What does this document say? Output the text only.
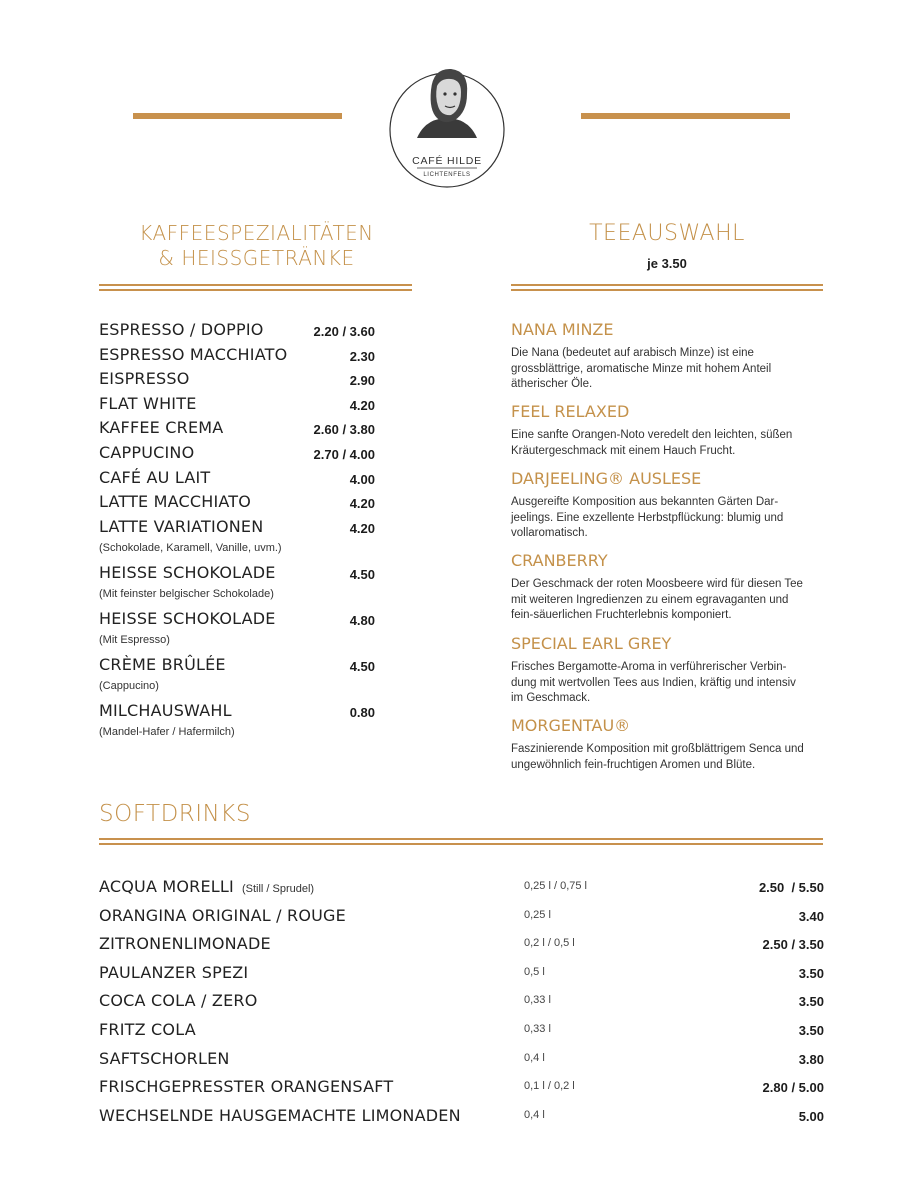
CAFÉ HILDE
LICHTENFELS
KAFFEESPEZIALITÄTEN
& HEISSGETRÄNKE
TEEAUSWAHL
je 3.50
ESPRESSO / DOPPIO	2.20 / 3.60
ESPRESSO MACCHIATO	2.30
EISPRESSO	2.90
FLAT WHITE	4.20
KAFFEE CREMA	2.60 / 3.80
CAPPUCINO	2.70 / 4.00
CAFÉ AU LAIT	4.00
LATTE MACCHIATO	4.20
LATTE VARIATIONEN	4.20
(Schokolade, Karamell, Vanille, uvm.)
HEISSE SCHOKOLADE	4.50
(Mit feinster belgischer Schokolade)
HEISSE SCHOKOLADE	4.80
(Mit Espresso)
CRÈME BRÛLÉE	4.50
(Cappucino)
MILCHAUSWAHL	0.80
(Mandel-Hafer / Hafermilch)
NANA MINZE
Die Nana (bedeutet auf arabisch Minze) ist eine grossblättrige, aromatische Minze mit hohem Anteil ätherischer Öle.
FEEL RELAXED
Eine sanfte Orangen-Noto veredelt den leichten, süßen Kräutergeschmack mit einem Hauch Frucht.
DARJEELING® AUSLESE
Ausgereifte Komposition aus bekannten Gärten Dar-jeelings. Eine exzellente Herbstpflückung: blumig und vollaromatisch.
CRANBERRY
Der Geschmack der roten Moosbeere wird für diesen Tee mit weiteren Ingredienzen zu einem egravaganten und fein-säuerlichen Fruchterlebnis komponiert.
SPECIAL EARL GREY
Frisches Bergamotte-Aroma in verführerischer Verbin-dung mit wertvollen Tees aus Indien, kräftig und intensiv im Geschmack.
MORGENTAU®
Faszinierende Komposition mit großblättrigem Senca und ungewöhnlich fein-fruchtigen Aromen und Blüte.
SOFTDRINKS
ACQUA MORELLI (Still / Sprudel)	0,25 l / 0,75 l	2.50  / 5.50
ORANGINA ORIGINAL / ROUGE	0,25 l	3.40
ZITRONENLIMONADE	0,2 l / 0,5 l	2.50 / 3.50
PAULANZER SPEZI	0,5 l	3.50
COCA COLA / ZERO	0,33 l	3.50
FRITZ COLA	0,33 l	3.50
SAFTSCHORLEN	0,4 l	3.80
FRISCHGEPRESSTER ORANGENSAFT	0,1 l / 0,2 l	2.80 / 5.00
WECHSELNDE HAUSGEMACHTE LIMONADEN	0,4 l	5.00
